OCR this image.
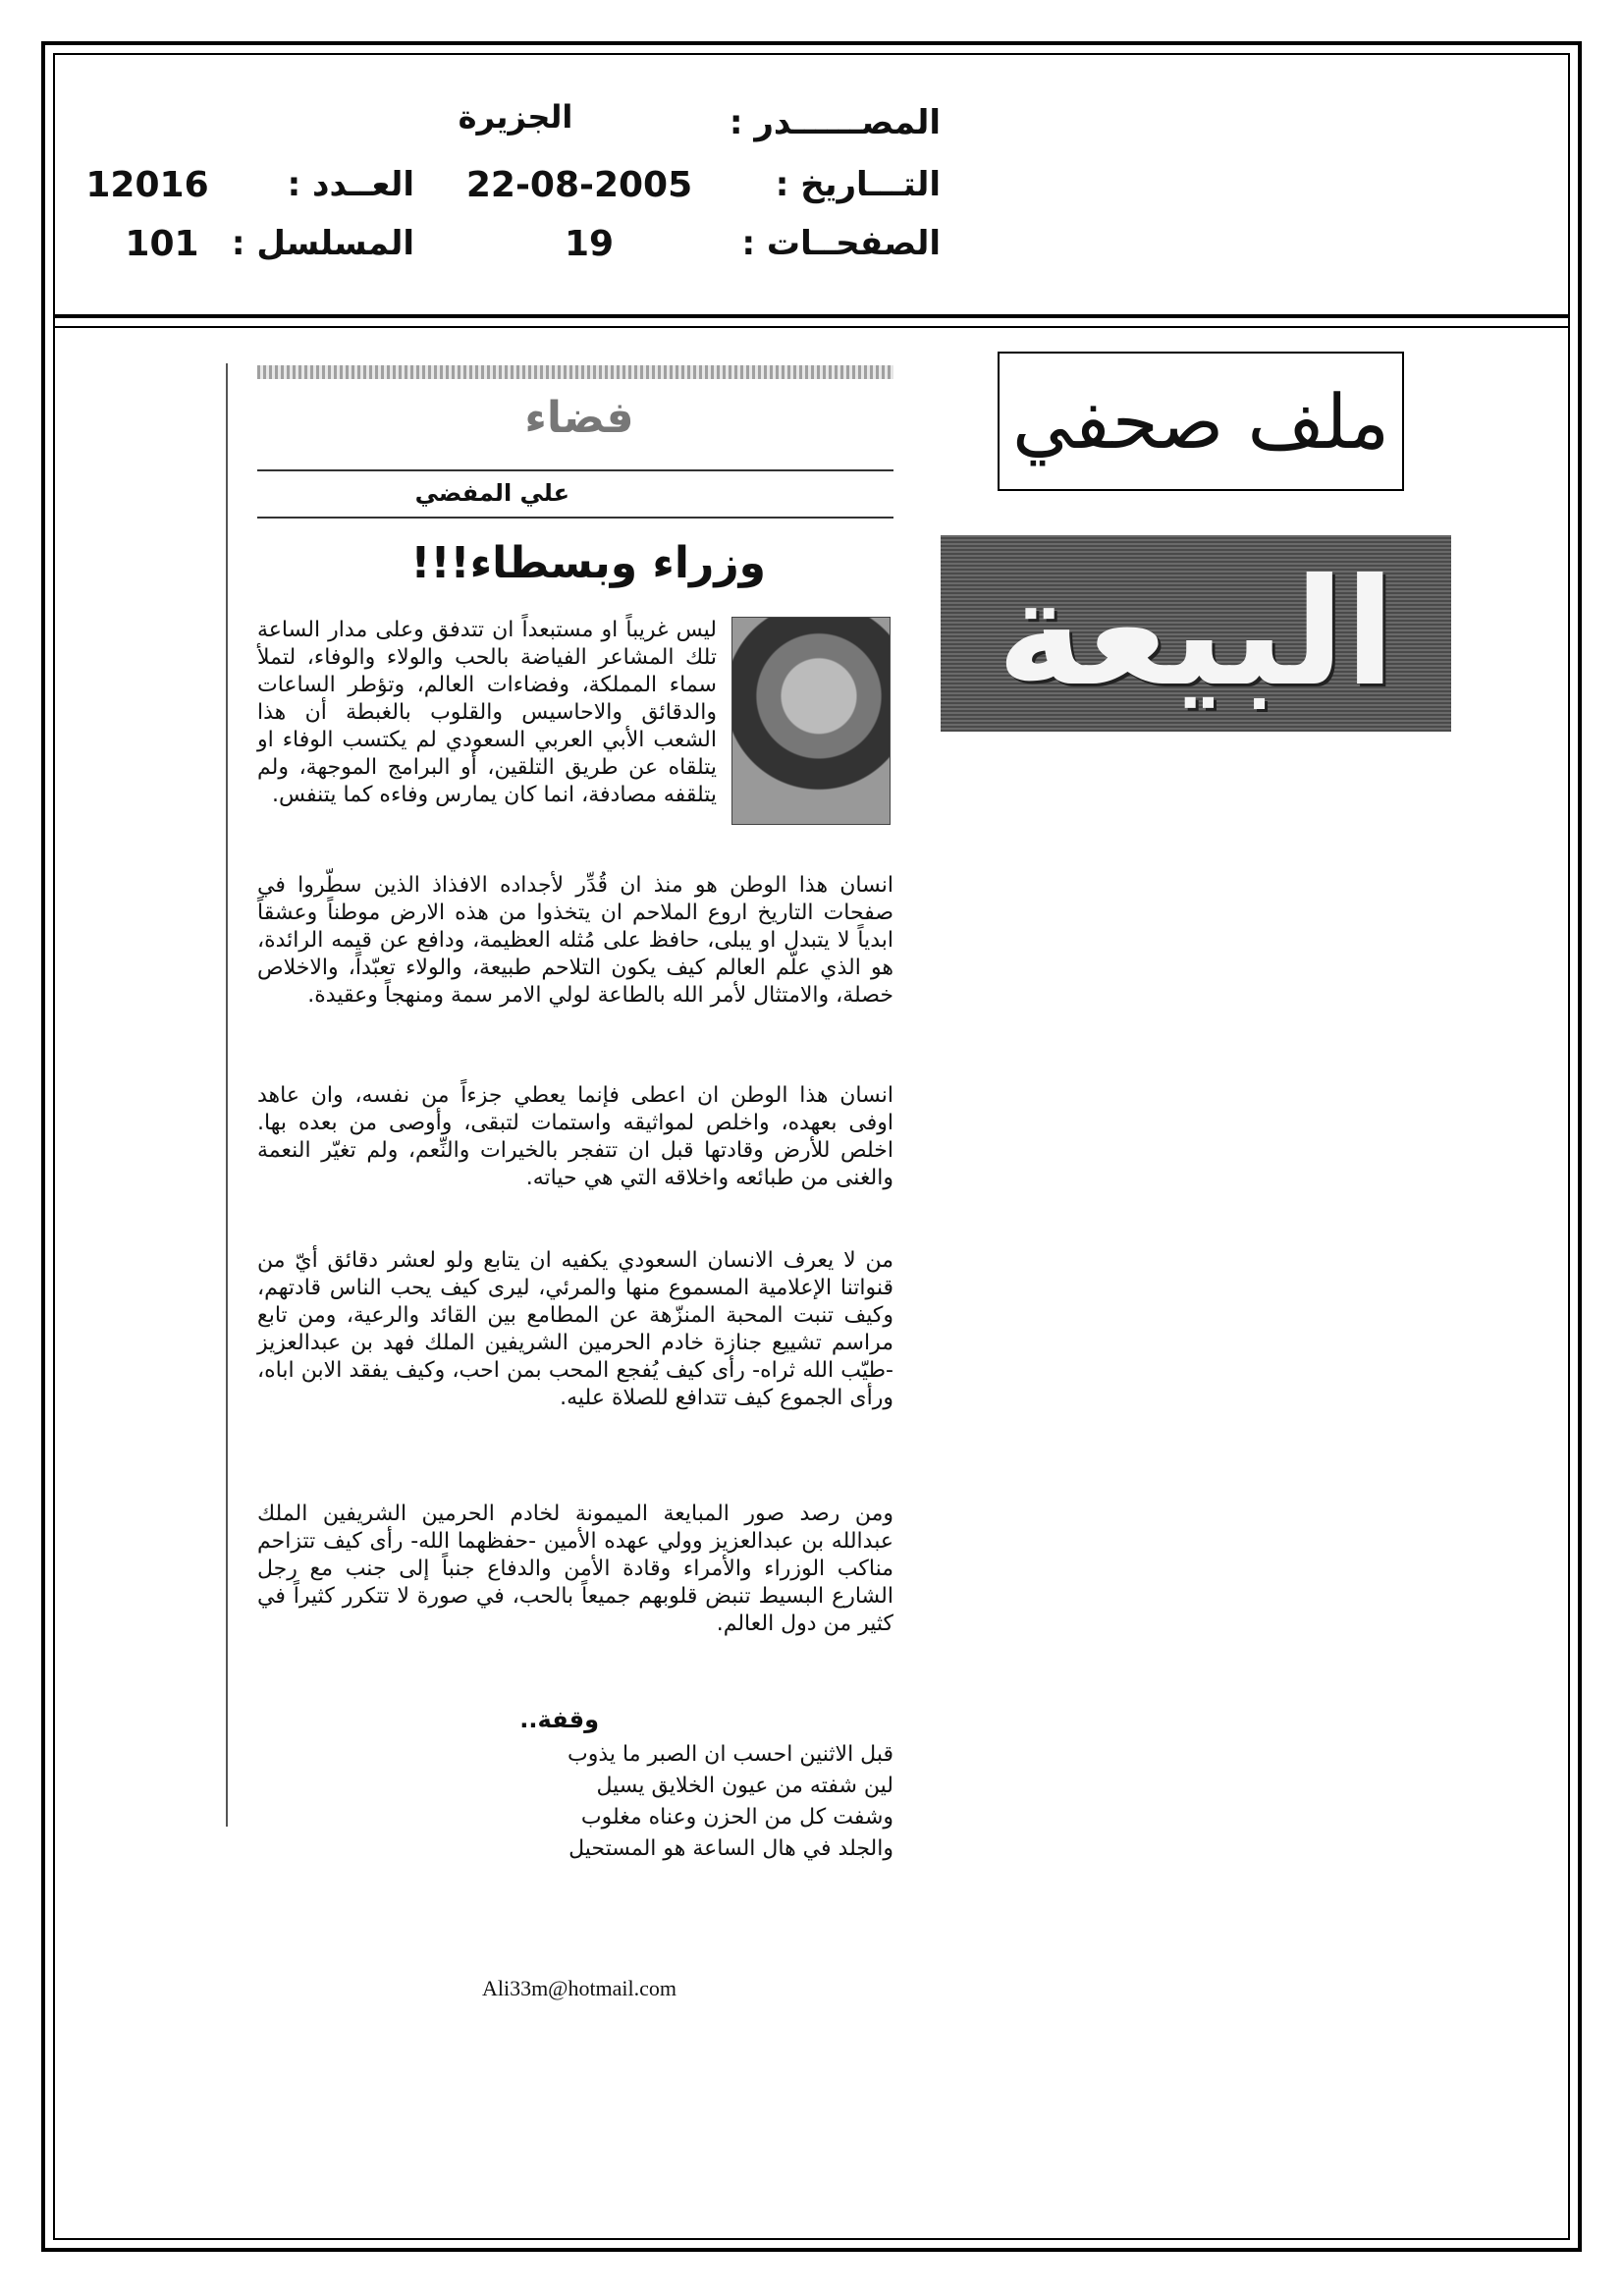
المصــــــدر :
الجزيرة
التـــاريخ :
22-08-2005
العــدد :
12016
الصفحــات :
19
المسلسل :
101
ملف صحفي
البيعة
فضاء
علي المفضي
وزراء وبسطاء!!!
ليس غريباً او مستبعداً ان تتدفق وعلى مدار الساعة تلك المشاعر الفياضة بالحب والولاء والوفاء، لتملأ سماء المملكة، وفضاءات العالم، وتؤطر الساعات والدقائق والاحاسيس والقلوب بالغبطة أن هذا الشعب الأبي العربي السعودي لم يكتسب الوفاء او يتلقاه عن طريق التلقين، أو البرامج الموجهة، ولم يتلقفه مصادفة، انما كان يمارس وفاءه كما يتنفس.
انسان هذا الوطن هو منذ ان قُدِّر لأجداده الافذاذ الذين سطّروا في صفحات التاريخ اروع الملاحم ان يتخذوا من هذه الارض موطناً وعشقاً ابدياً لا يتبدل او يبلى، حافظ على مُثله العظيمة، ودافع عن قيمه الرائدة، هو الذي علّم العالم كيف يكون التلاحم طبيعة، والولاء تعبّداً، والاخلاص خصلة، والامتثال لأمر الله بالطاعة لولي الامر سمة ومنهجاً وعقيدة.
انسان هذا الوطن ان اعطى فإنما يعطي جزءاً من نفسه، وان عاهد اوفى بعهده، واخلص لمواثيقه واستمات لتبقى، وأوصى من بعده بها. اخلص للأرض وقادتها قبل ان تتفجر بالخيرات والنِّعم، ولم تغيّر النعمة والغنى من طبائعه واخلاقه التي هي حياته.
من لا يعرف الانسان السعودي يكفيه ان يتابع ولو لعشر دقائق أيّ من قنواتنا الإعلامية المسموع منها والمرئي، ليرى كيف يحب الناس قادتهم، وكيف تنبت المحبة المنزّهة عن المطامع بين القائد والرعية، ومن تابع مراسم تشييع جنازة خادم الحرمين الشريفين الملك فهد بن عبدالعزيز -طيّب الله ثراه- رأى كيف يُفجع المحب بمن احب، وكيف يفقد الابن اباه، ورأى الجموع كيف تتدافع للصلاة عليه.
ومن رصد صور المبايعة الميمونة لخادم الحرمين الشريفين الملك عبدالله بن عبدالعزيز وولي عهده الأمين -حفظهما الله- رأى كيف تتزاحم مناكب الوزراء والأمراء وقادة الأمن والدفاع جنباً إلى جنب مع رجل الشارع البسيط تنبض قلوبهم جميعاً بالحب، في صورة لا تتكرر كثيراً في كثير من دول العالم.
وقفة..
قبل الاثنين احسب ان الصبر ما يذوب
لين شفته من عيون الخلايق يسيل
وشفت كل من الحزن وعناه مغلوب
والجلد في هال الساعة هو المستحيل
Ali33m@hotmail.com
